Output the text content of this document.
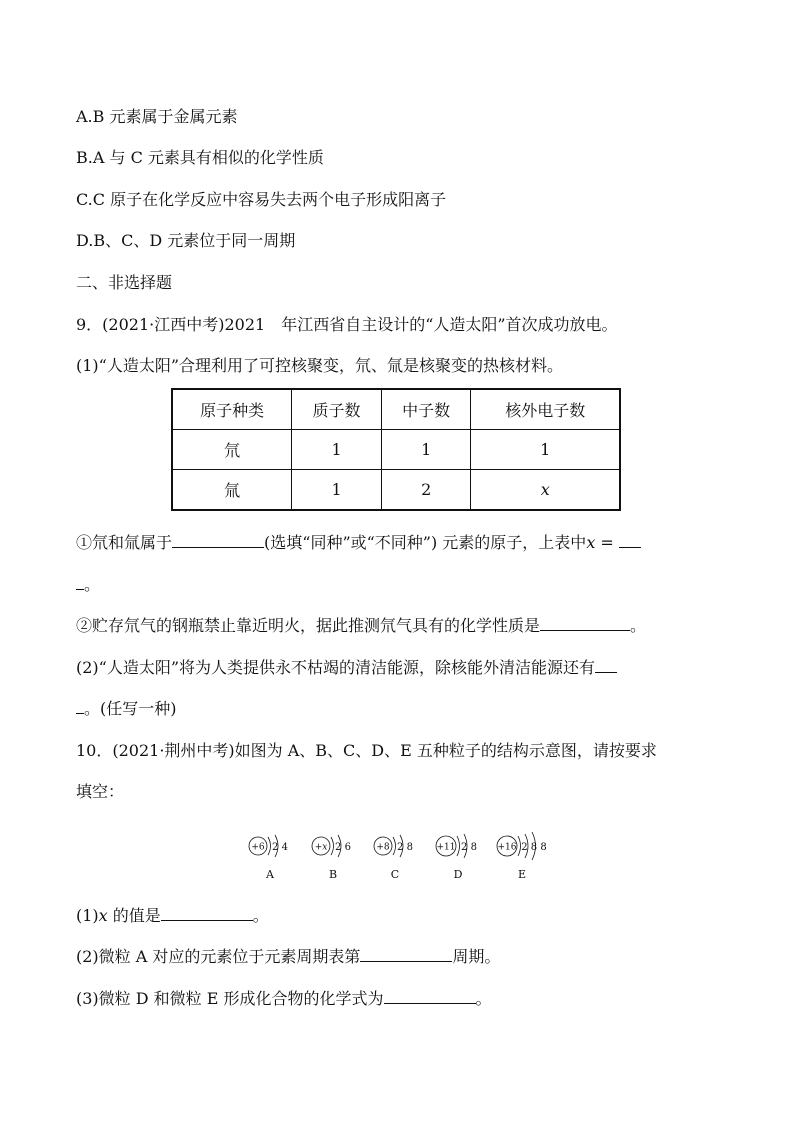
A.B 元素属于金属元素
B.A 与 C 元素具有相似的化学性质
C.C 原子在化学反应中容易失去两个电子形成阳离子
D.B、C、D 元素位于同一周期
二、非选择题
9．(2021·江西中考)2021　年江西省自主设计的“人造太阳”首次成功放电。
(1)“人造太阳”合理利用了可控核聚变，氘、氚是核聚变的热核材料。
原子种类	质子数	中子数	核外电子数
氘	1	1	1
氚	1	2	x
①氘和氚属于	(选填“同种”或“不同种”) 元素的原子，上表中x =
。
②贮存氘气的钢瓶禁止靠近明火，据此推测氘气具有的化学性质是	。
(2)“人造太阳”将为人类提供永不枯竭的清洁能源，除核能外清洁能源还有
。(任写一种)
10．(2021·荆州中考)如图为 A、B、C、D、E 五种粒子的结构示意图，请按要求
填空：
+6 2 4
A
+x 2 6
B
+8 2 8
C
+11 2 8
D
+16 2 8 8
E
(1)x 的值是	。
(2)微粒 A 对应的元素位于元素周期表第	周期。
(3)微粒 D 和微粒 E 形成化合物的化学式为	。
